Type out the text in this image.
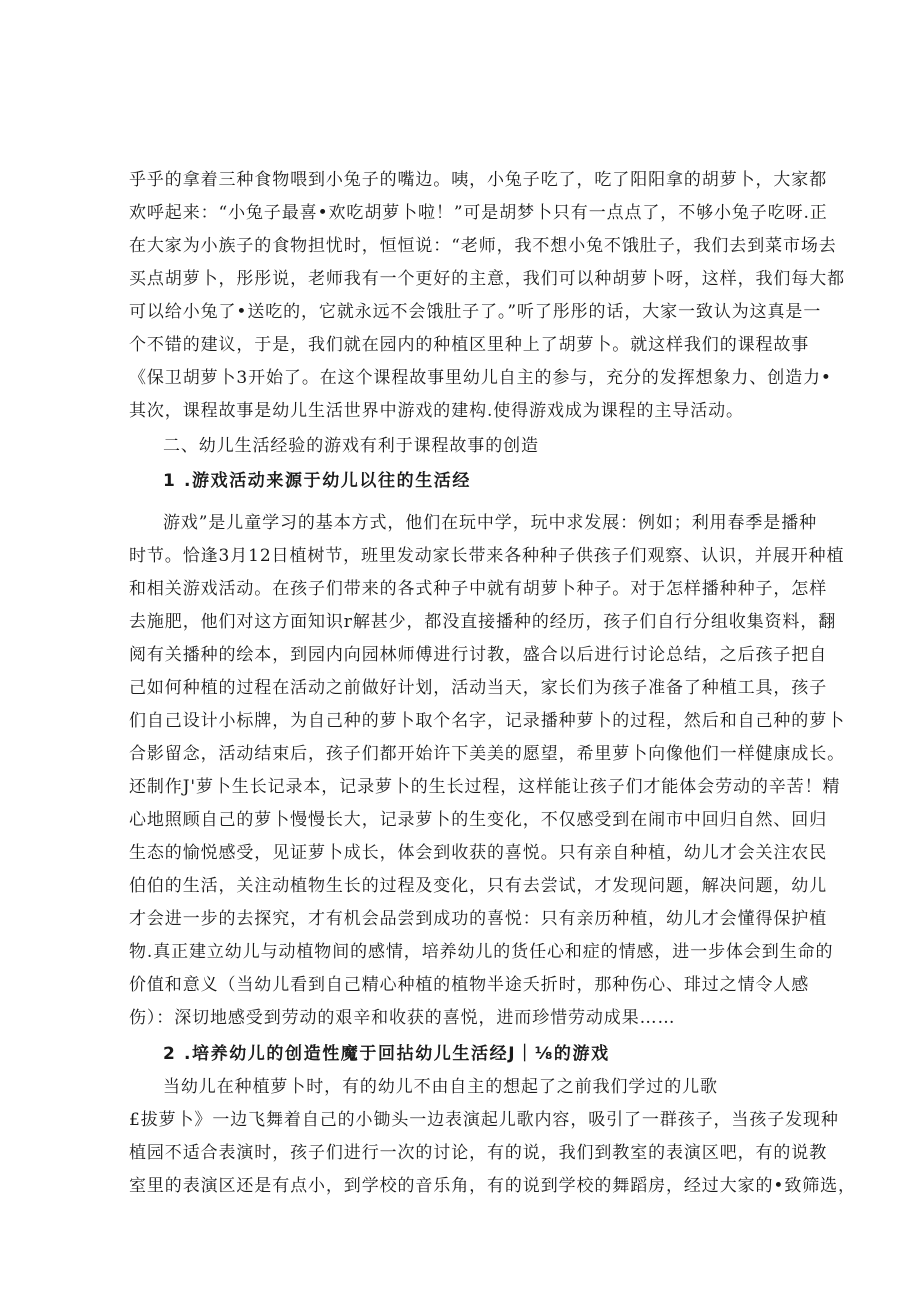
乎乎的拿着三种食物喂到小兔子的嘴边。咦，小兔子吃了，吃了阳阳拿的胡萝卜，大家都
欢呼起来：“小兔子最喜•欢吃胡萝卜啦！”可是胡梦卜只有一点点了，不够小兔子吃呀.正
在大家为小族子的食物担忧时，恒恒说：“老师，我不想小兔不饿肚子，我们去到菜市场去
买点胡萝卜，彤彤说，老师我有一个更好的主意，我们可以种胡萝卜呀，这样，我们每大都
可以给小兔了•送吃的，它就永远不会饿肚子了。”听了彤彤的话，大家一致认为这真是一
个不错的建议，于是，我们就在园内的种植区里种上了胡萝卜。就这样我们的课程故事
《保卫胡萝卜3开始了。在这个课程故事里幼儿自主的参与，充分的发挥想象力、创造力•
其次，课程故事是幼儿生活世界中游戏的建构.使得游戏成为课程的主导活动。
二、幼儿生活经验的游戏有利于课程故事的创造
1 .游戏活动来源于幼儿以往的生活经
游戏”是儿童学习的基本方式，他们在玩中学，玩中求发展：例如；利用春季是播种
时节。恰逢3月12日植树节，班里发动家长带来各种种子供孩子们观察、认识，并展开种植
和相关游戏活动。在孩子们带来的各式种子中就有胡萝卜种子。对于怎样播种种子，怎样
去施肥，他们对这方面知识r解甚少，都没直接播种的经历，孩子们自行分组收集资料，翻
阅有关播种的绘本，到园内向园林师傅进行讨教，盛合以后进行讨论总结，之后孩子把自
己如何种植的过程在活动之前做好计划，活动当天，家长们为孩子准备了种植工具，孩子
们自己设计小标牌，为自己种的萝卜取个名字，记录播种萝卜的过程，然后和自己种的萝卜
合影留念，活动结束后，孩子们都开始许下美美的愿望，希里萝卜向像他们一样健康成长。
还制作J'萝卜生长记录本，记录萝卜的生长过程，这样能让孩子们才能体会劳动的辛苦！精
心地照顾自己的萝卜慢慢长大，记录萝卜的生变化，不仅感受到在闹市中回归自然、回归
生态的愉悦感受，见证萝卜成长，体会到收获的喜悦。只有亲自种植，幼儿才会关注农民
伯伯的生活，关注动植物生长的过程及变化，只有去尝试，才发现问题，解决问题，幼儿
才会进一步的去探究，才有机会品尝到成功的喜悦：只有亲历种植，幼儿才会懂得保护植
物.真正建立幼儿与动植物间的感情，培养幼儿的货任心和症的情感，进一步体会到生命的
价值和意义（当幼儿看到自己精心种植的植物半途夭折时，那种伤心、琲过之情令人感
伤）：深切地感受到劳动的艰辛和收获的喜悦，进而珍惜劳动成果……
2 .培养幼儿的创造性魔于回拈幼儿生活经J｜⅛的游戏
当幼儿在种植萝卜时，有的幼儿不由自主的想起了之前我们学过的儿歌
£拔萝卜》一边飞舞着自己的小锄头一边表演起儿歌内容，吸引了一群孩子，当孩子发现种
植园不适合表演时，孩子们进行一次的讨论，有的说，我们到教室的表演区吧，有的说教
室里的表演区还是有点小，到学校的音乐角，有的说到学校的舞蹈房，经过大家的•致筛选，
